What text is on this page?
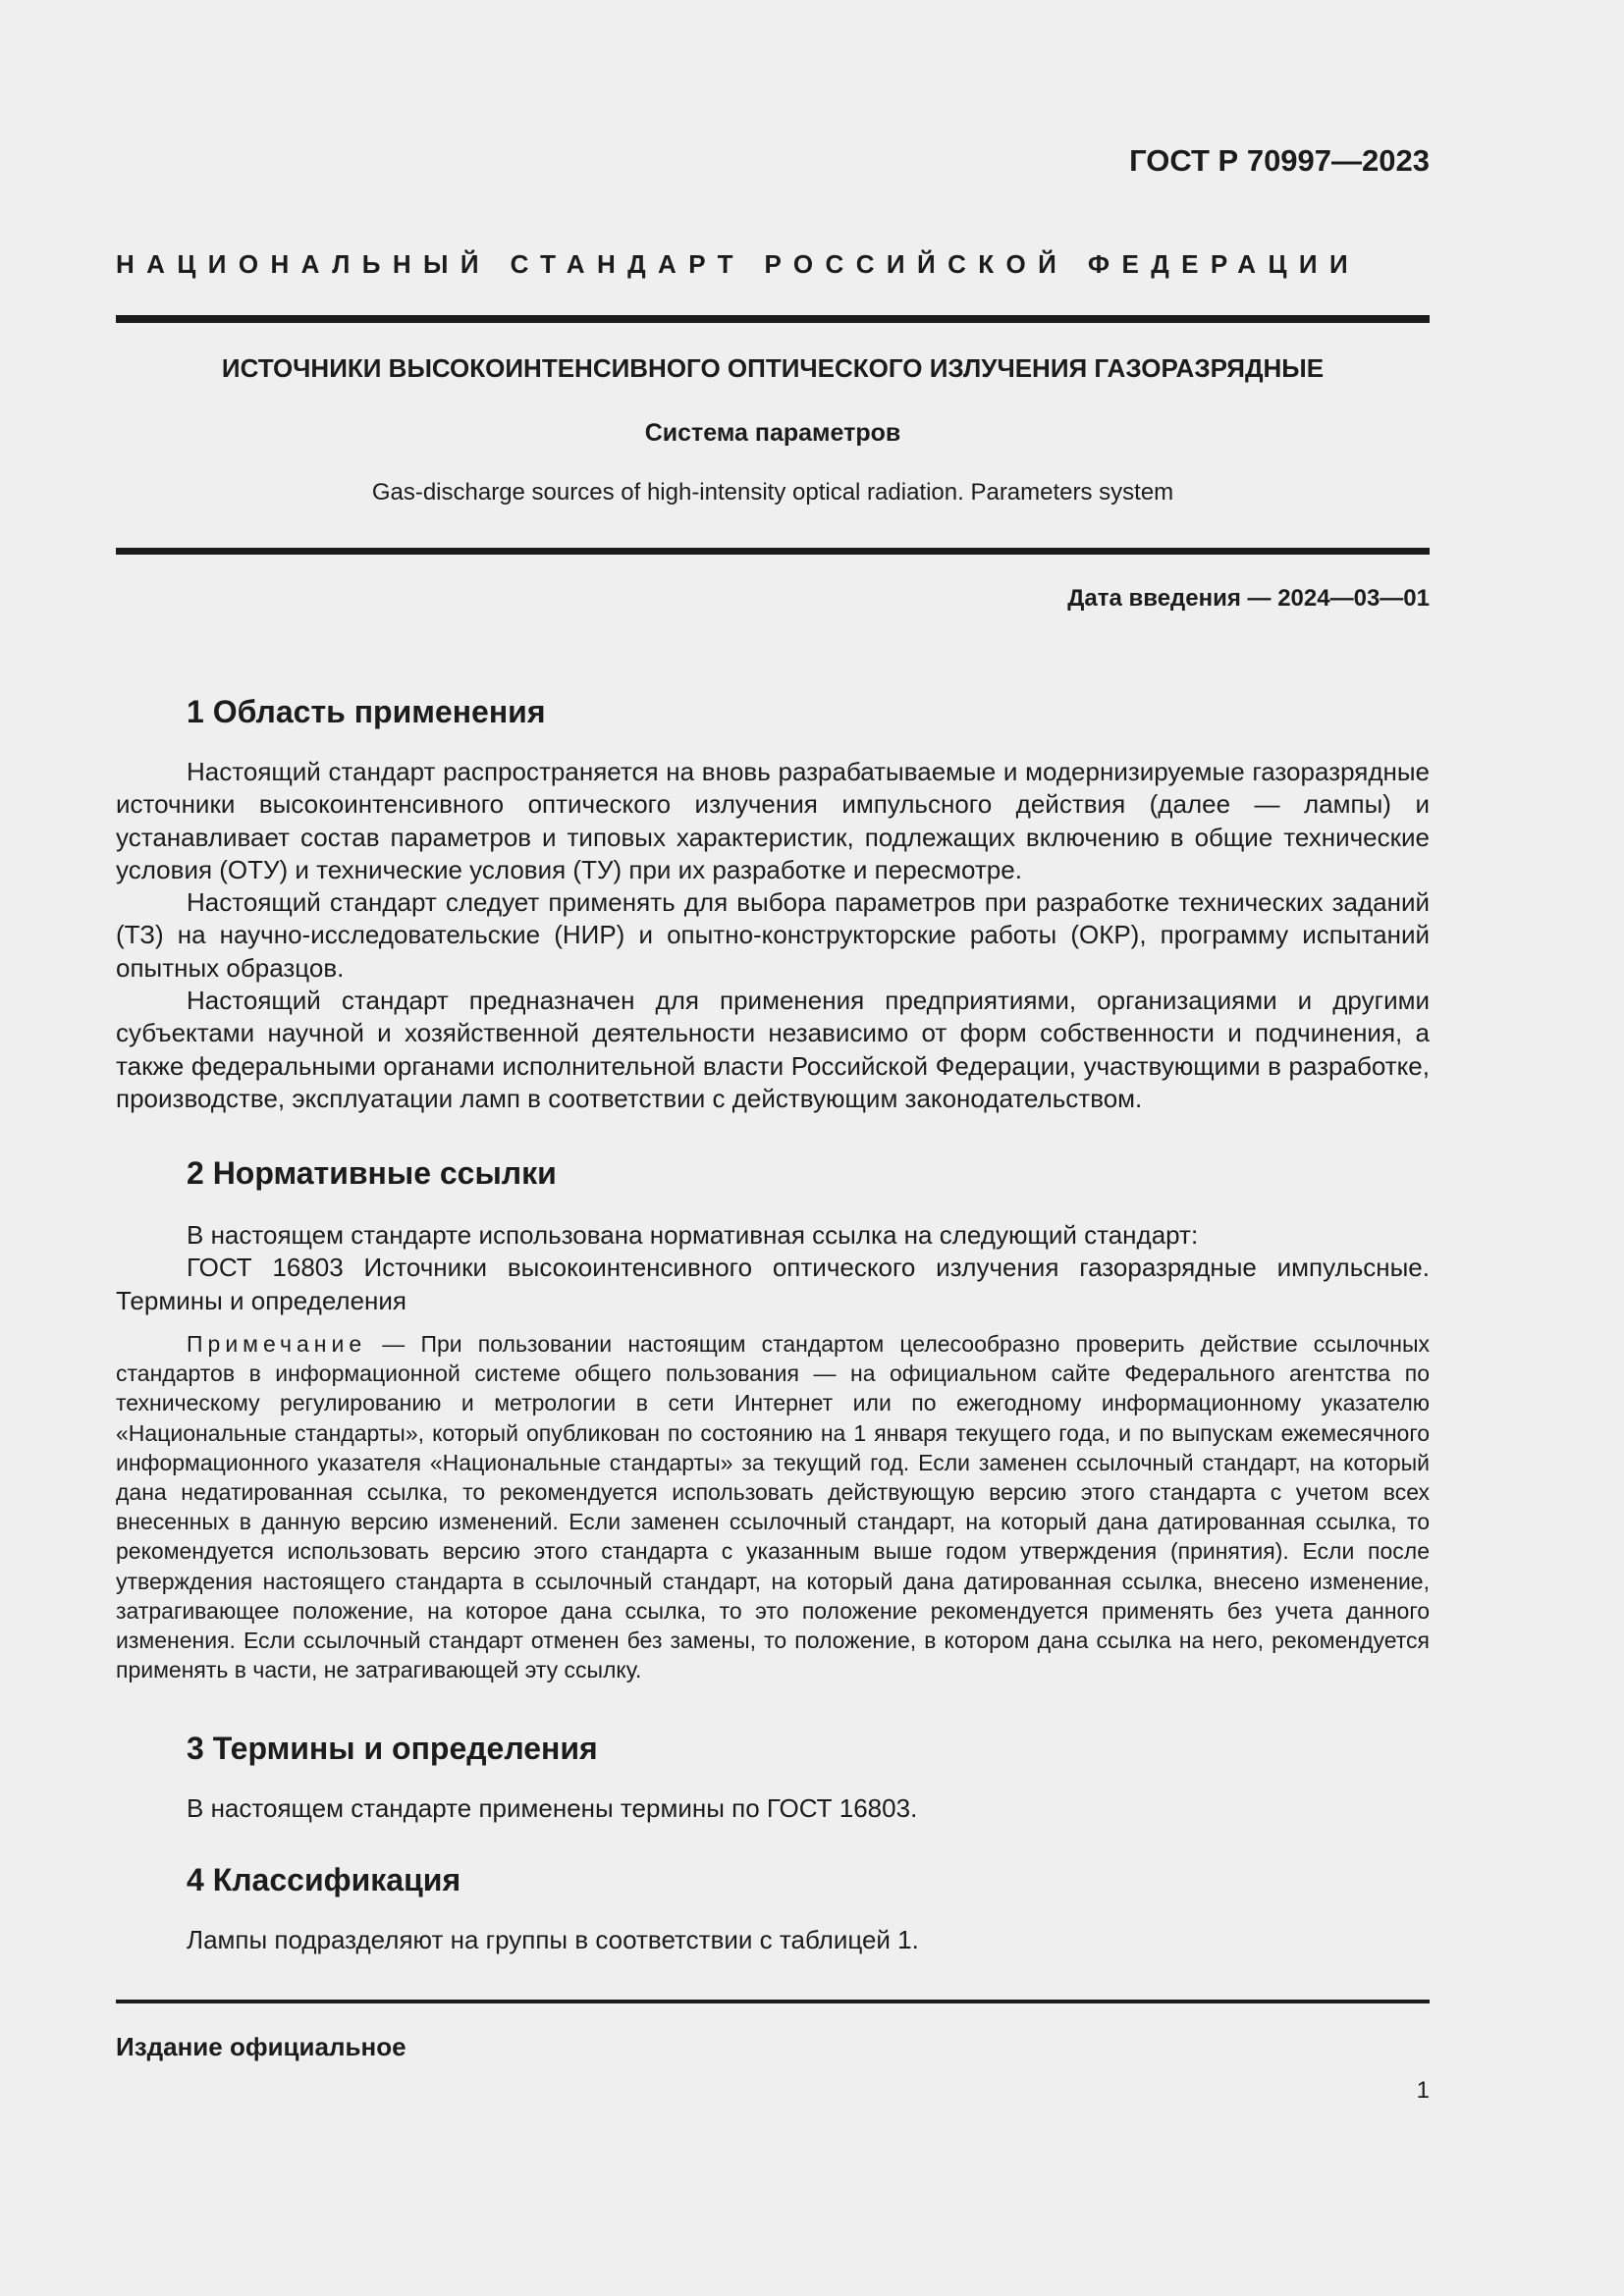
ГОСТ Р 70997—2023
НАЦИОНАЛЬНЫЙ СТАНДАРТ РОССИЙСКОЙ ФЕДЕРАЦИИ
ИСТОЧНИКИ ВЫСОКОИНТЕНСИВНОГО ОПТИЧЕСКОГО ИЗЛУЧЕНИЯ ГАЗОРАЗРЯДНЫЕ
Система параметров
Gas-discharge sources of high-intensity optical radiation. Parameters system
Дата введения — 2024—03—01
1 Область применения

Настоящий стандарт распространяется на вновь разрабатываемые и модернизируемые газоразрядные источники высокоинтенсивного оптического излучения импульсного действия (далее — лампы) и устанавливает состав параметров и типовых характеристик, подлежащих включению в общие технические условия (ОТУ) и технические условия (ТУ) при их разработке и пересмотре.

Настоящий стандарт следует применять для выбора параметров при разработке технических заданий (ТЗ) на научно-исследовательские (НИР) и опытно-конструкторские работы (ОКР), программу испытаний опытных образцов.

Настоящий стандарт предназначен для применения предприятиями, организациями и другими субъектами научной и хозяйственной деятельности независимо от форм собственности и подчинения, а также федеральными органами исполнительной власти Российской Федерации, участвующими в разработке, производстве, эксплуатации ламп в соответствии с действующим законодательством.

2 Нормативные ссылки

В настоящем стандарте использована нормативная ссылка на следующий стандарт:

ГОСТ 16803 Источники высокоинтенсивного оптического излучения газоразрядные импульсные. Термины и определения

Примечание — При пользовании настоящим стандартом целесообразно проверить действие ссылочных стандартов в информационной системе общего пользования — на официальном сайте Федерального агентства по техническому регулированию и метрологии в сети Интернет или по ежегодному информационному указателю «Национальные стандарты», который опубликован по состоянию на 1 января текущего года, и по выпускам ежемесячного информационного указателя «Национальные стандарты» за текущий год. Если заменен ссылочный стандарт, на который дана недатированная ссылка, то рекомендуется использовать действующую версию этого стандарта с учетом всех внесенных в данную версию изменений. Если заменен ссылочный стандарт, на который дана датированная ссылка, то рекомендуется использовать версию этого стандарта с указанным выше годом утверждения (принятия). Если после утверждения настоящего стандарта в ссылочный стандарт, на который дана датированная ссылка, внесено изменение, затрагивающее положение, на которое дана ссылка, то это положение рекомендуется применять без учета данного изменения. Если ссылочный стандарт отменен без замены, то положение, в котором дана ссылка на него, рекомендуется применять в части, не затрагивающей эту ссылку.
3 Термины и определения

В настоящем стандарте применены термины по ГОСТ 16803.

4 Классификация

Лампы подразделяют на группы в соответствии с таблицей 1.

Издание официальное
1
